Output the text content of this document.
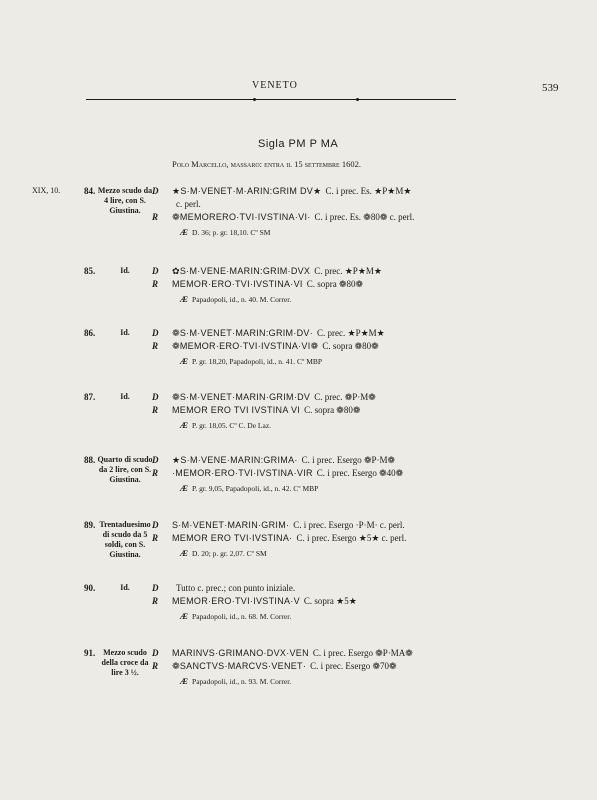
VENETO	539
Sigla PM P MA
Polo Marcello, massaro: entra il 15 settembre 1602.
XIX, 10.	84. Mezzo scudo da 4 lire, con S. Giustina.
D ★S·M·VENET·M·ARIN:GRIM DV★ C. i prec. Es. ★P★M★
c. perl.
R ❁MEMORERO·TVI·IVSTINA·VI· C. i prec. Es. ❁80❁ c. perl.
Æ D. 36; p. gr. 18,10. Cº SM
85.	Id.	D ✿S·M·VENE·MARIN:GRIM·DVX C. prec. ★P★M★
R MEMOR·ERO·TVI·IVSTINA·VI C. sopra ❁80❁
Æ Papadopoli, id., n. 40. M. Correr.
86.	Id.	D ❁S·M·VENET·MARIN:GRIM·DV· C. prec. ★P★M★
R ❁MEMOR·ERO·TVI·IVSTINA·VI❁ C. sopra ❁80❁
Æ P. gr. 18,20, Papadopoli, id., n. 41. Cº MBP
87.	Id.	D ❁S·M·VENET·MARIN·GRIM·DV C. prec. ❁P·M❁
R MEMOR ERO TVI IVSTINA VI C. sopra ❁80❁
Æ P. gr. 18,05. Cº C. De Laz.
88. Quarto di scudo da 2 lire, con S. Giustina.
D ★S·M·VENE·MARIN:GRIMA· C. i prec. Esergo ❁P·M❁
R ·MEMOR·ERO·TVI·IVSTINA·VIR C. i prec. Esergo ❁40❁
Æ P. gr. 9,05, Papadopoli, id., n. 42. Cº MBP
89. Trentaduesimo di scudo da 5 soldi, con S. Giustina.
D S·M·VENET·MARIN·GRIM· C. i prec. Esergo ·P·M· c. perl.
R MEMOR ERO TVI·IVSTINA· C. i prec. Esergo ★5★ c. perl.
Æ D. 20; p. gr. 2,07. Cº SM
90.	Id.	D	Tutto c. prec.; con punto iniziale.
R MEMOR·ERO·TVI·IVSTINA·V C. sopra ★5★
Æ Papadopoli, id., n. 68. M. Correr.
91. Mezzo scudo della croce da lire 3 ½.
D MARINVS·GRIMANO·DVX·VEN C. i prec. Esergo ❁P·MA❁
R ❁SANCTVS·MARCVS·VENET· C. i prec. Esergo ❁70❁
Æ Papadopoli, id., n. 93. M. Correr.
